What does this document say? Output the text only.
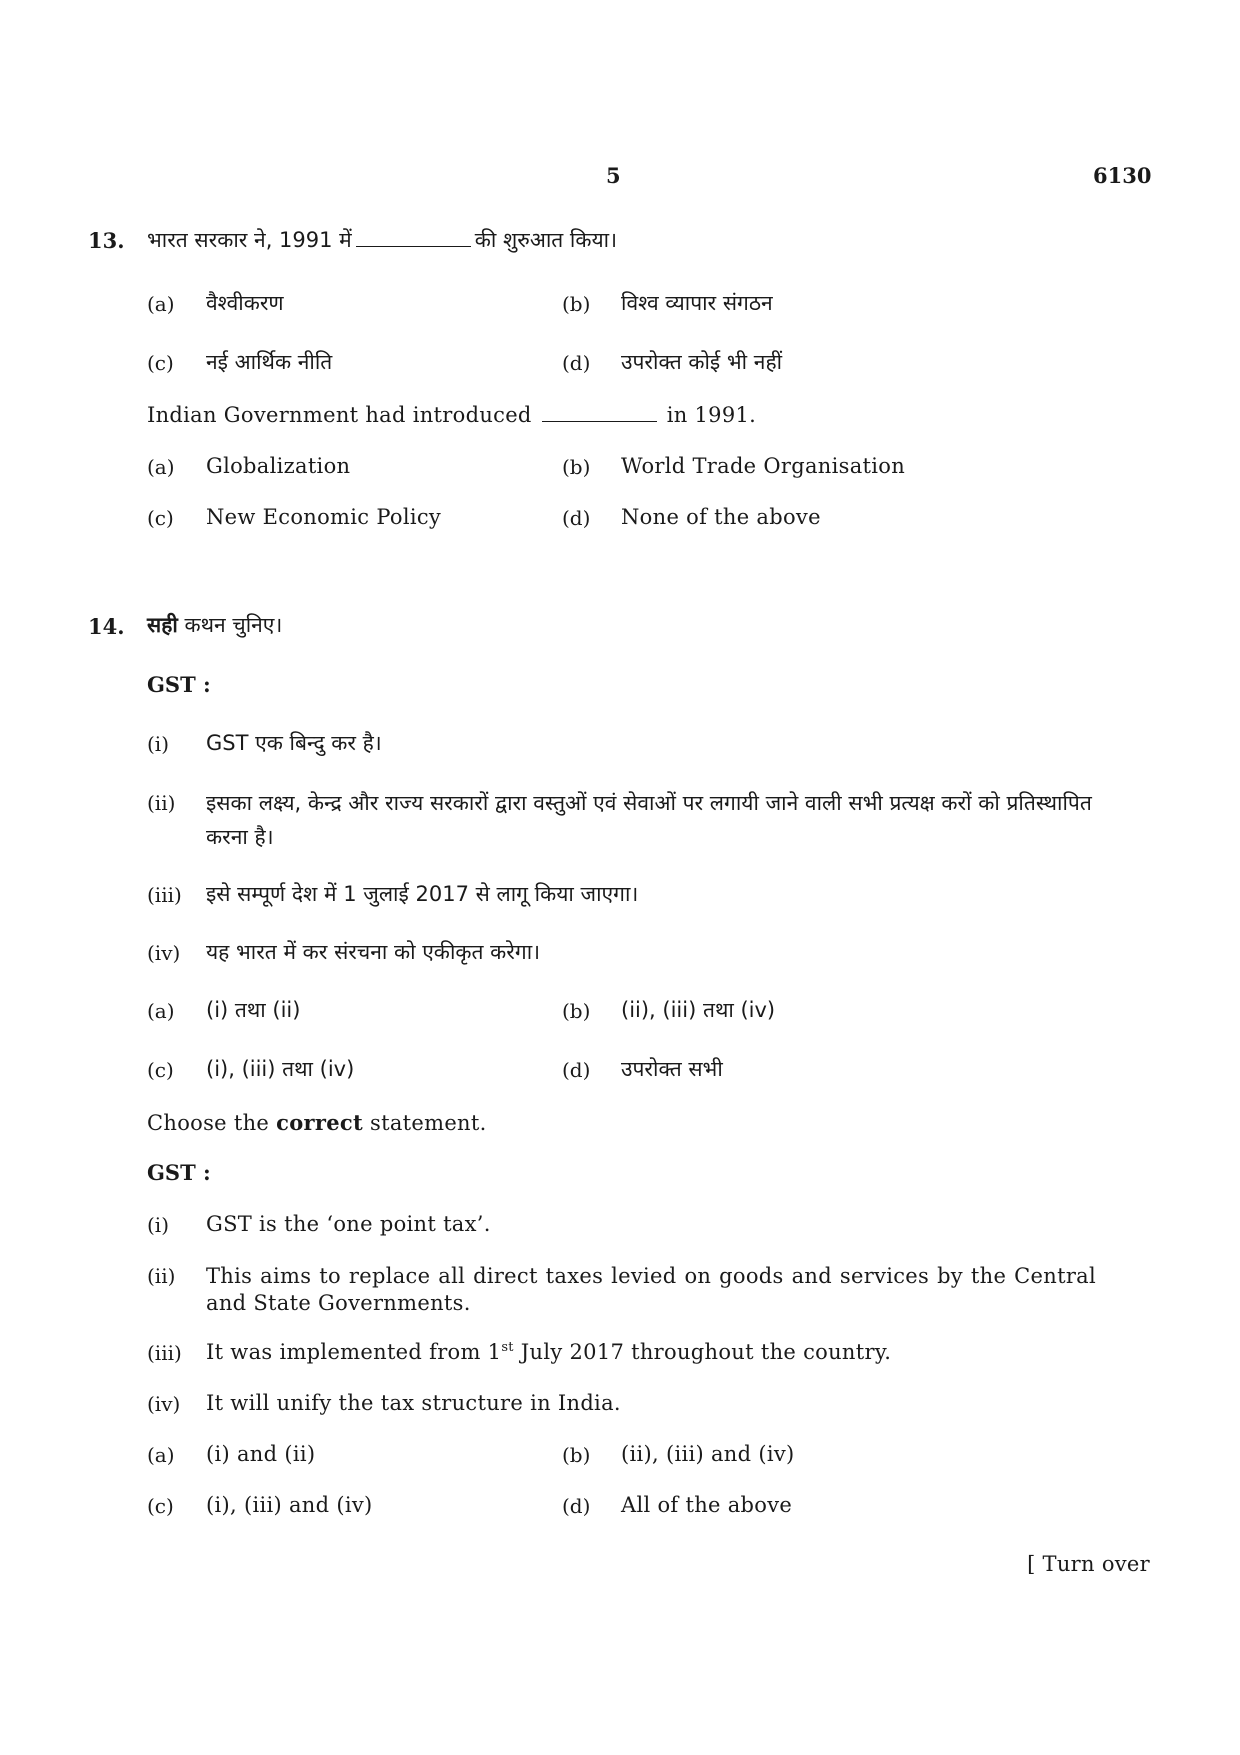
5	6130
13. भारत सरकार ने, 1991 में	की शुरुआत किया।
(a) वैश्वीकरण	(b) विश्व व्यापार संगठन
(c) नई आर्थिक नीति	(d) उपरोक्त कोई भी नहीं
Indian Government had introduced	in 1991.
(a) Globalization	(b) World Trade Organisation
(c) New Economic Policy	(d) None of the above
14. सही कथन चुनिए।
GST :
(i) GST एक बिन्दु कर है।
(ii) इसका लक्ष्य, केन्द्र और राज्य सरकारों द्वारा वस्तुओं एवं सेवाओं पर लगायी जाने वाली सभी प्रत्यक्ष करों को प्रतिस्थापित करना है।
(iii) इसे सम्पूर्ण देश में 1 जुलाई 2017 से लागू किया जाएगा।
(iv) यह भारत में कर संरचना को एकीकृत करेगा।
(a) (i) तथा (ii)	(b) (ii), (iii) तथा (iv)
(c) (i), (iii) तथा (iv)	(d) उपरोक्त सभी
Choose the correct statement.
GST :
(i) GST is the ‘one point tax’.
(ii) This aims to replace all direct taxes levied on goods and services by the Central and State Governments.
(iii) It was implemented from 1st July 2017 throughout the country.
(iv) It will unify the tax structure in India.
(a) (i) and (ii)	(b) (ii), (iii) and (iv)
(c) (i), (iii) and (iv)	(d) All of the above
[ Turn over
